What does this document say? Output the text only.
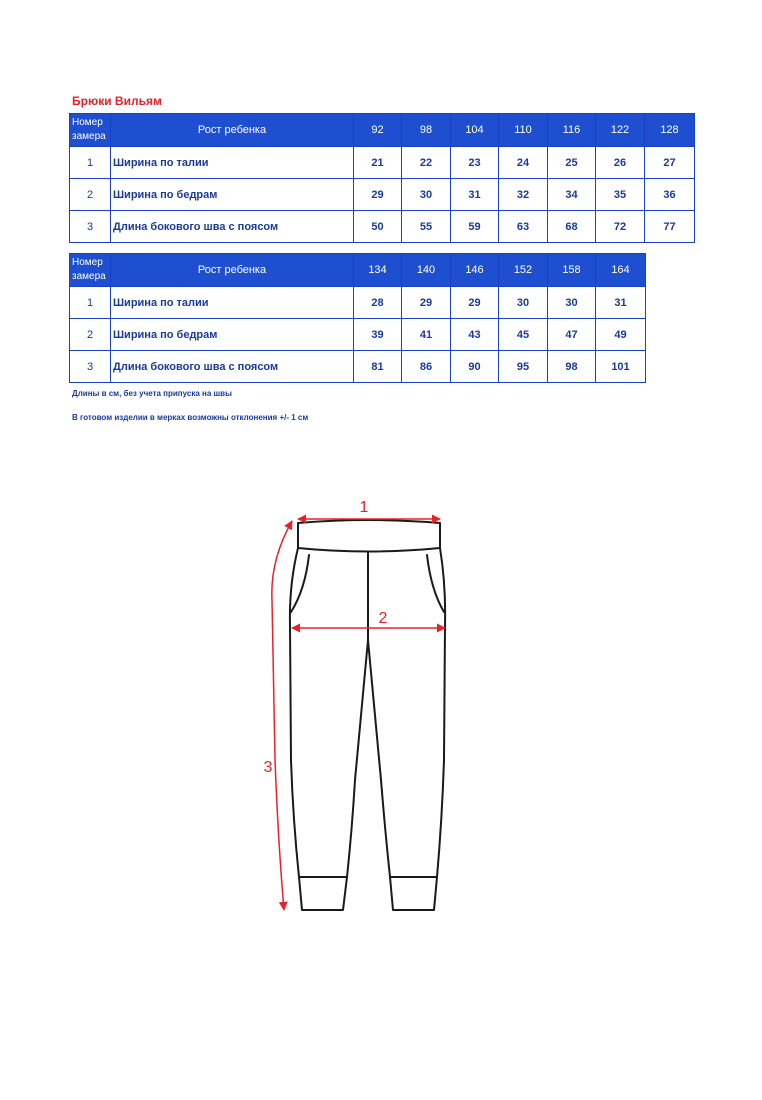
Брюки Вильям
Номер замера	Рост ребенка	92	98	104	110	116	122	128
1	Ширина по талии	21	22	23	24	25	26	27
2	Ширина по бедрам	29	30	31	32	34	35	36
3	Длина бокового шва с поясом	50	55	59	63	68	72	77
Номер замера	Рост ребенка	134	140	146	152	158	164
1	Ширина по талии	28	29	29	30	30	31
2	Ширина по бедрам	39	41	43	45	47	49
3	Длина бокового шва с поясом	81	86	90	95	98	101
Длины в см, без учета припуска на швы
В готовом изделии в мерках возможны отклонения +/- 1 см
1
2
3
